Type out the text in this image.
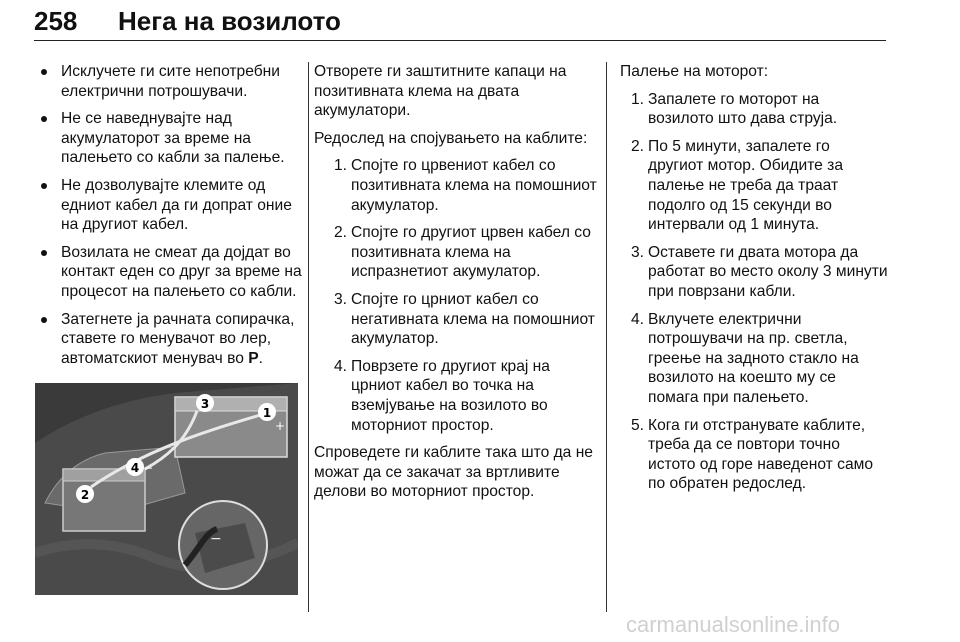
258 Нега на возилото
Исклучете ги сите непотребни електрични потрошувачи.
Не се наведнувајте над акумулаторот за време на палењето со кабли за палење.
Не дозволувајте клемите од едниот кабел да ги допрат оние на другиот кабел.
Возилата не смеат да дојдат во контакт еден со друг за време на процесот на палењето со кабли.
Затегнете ја рачната сопирачка, ставете го менувачот во лер, автоматскиот менувач во P.
−
1
+
2
3
4 −

Отворете ги заштитните капаци на позитивната клема на двата акумулатори.

Редослед на спојувањето на каблите:

1. Спојте го црвениот кабел со позитивната клема на помошниот акумулатор.
2. Спојте го другиот црвен кабел со позитивната клема на испразнетиот акумулатор.
3. Спојте го црниот кабел со негативната клема на помошниот акумулатор.
4. Поврзете го другиот крај на црниот кабел во точка на вземјување на возилото во моторниот простор.

Спроведете ги каблите така што да не можат да се закачат за вртливите делови во моторниот простор.

Палење на моторот:

1. Запалете го моторот на возилото што дава струја.
2. По 5 минути, запалете го другиот мотор. Обидите за палење не треба да траат подолго од 15 секунди во интервали од 1 минута.
3. Оставете ги двата мотора да работат во место околу 3 минути при поврзани кабли.
4. Вклучете електрични потрошувачи на пр. светла, греење на задното стакло на возилото на коешто му се помага при палењето.
5. Кога ги отстранувате каблите, треба да се повтори точно истото од горе наведенот само по обратен редослед.
carmanualsonline.info
